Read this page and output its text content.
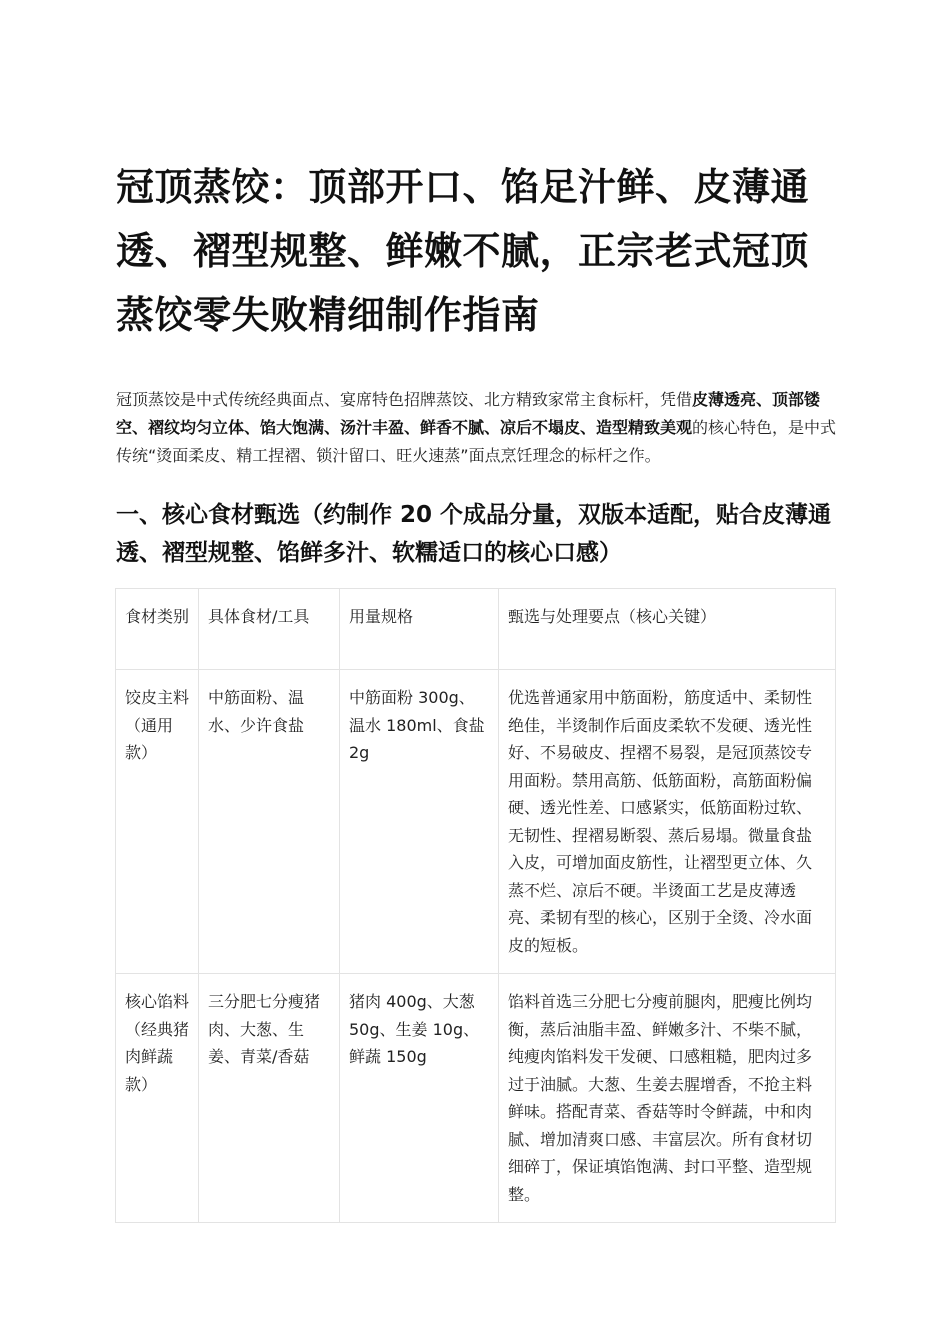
冠顶蒸饺：顶部开口、馅足汁鲜、皮薄通透、褶型规整、鲜嫩不腻，正宗老式冠顶蒸饺零失败精细制作指南

冠顶蒸饺是中式传统经典面点、宴席特色招牌蒸饺、北方精致家常主食标杆，凭借皮薄透亮、顶部镂空、褶纹均匀立体、馅大饱满、汤汁丰盈、鲜香不腻、凉后不塌皮、造型精致美观的核心特色，是中式传统“烫面柔皮、精工捏褶、锁汁留口、旺火速蒸”面点烹饪理念的标杆之作。

一、核心食材甄选（约制作 20 个成品分量，双版本适配，贴合皮薄通透、褶型规整、馅鲜多汁、软糯适口的核心口感）
食材类别	具体食材/工具	用量规格	甄选与处理要点（核心关键）
饺皮主料（通用款）	中筋面粉、温水、少许食盐	中筋面粉 300g、温水 180ml、食盐 2g	优选普通家用中筋面粉，筋度适中、柔韧性绝佳，半烫制作后面皮柔软不发硬、透光性好、不易破皮、捏褶不易裂，是冠顶蒸饺专用面粉。禁用高筋、低筋面粉，高筋面粉偏硬、透光性差、口感紧实，低筋面粉过软、无韧性、捏褶易断裂、蒸后易塌。微量食盐入皮，可增加面皮筋性，让褶型更立体、久蒸不烂、凉后不硬。半烫面工艺是皮薄透亮、柔韧有型的核心，区别于全烫、冷水面皮的短板。
核心馅料（经典猪肉鲜蔬款）	三分肥七分瘦猪肉、大葱、生姜、青菜/香菇	猪肉 400g、大葱 50g、生姜 10g、鲜蔬 150g	馅料首选三分肥七分瘦前腿肉，肥瘦比例均衡，蒸后油脂丰盈、鲜嫩多汁、不柴不腻，纯瘦肉馅料发干发硬、口感粗糙，肥肉过多过于油腻。大葱、生姜去腥增香，不抢主料鲜味。搭配青菜、香菇等时令鲜蔬，中和肉腻、增加清爽口感、丰富层次。所有食材切细碎丁，保证填馅饱满、封口平整、造型规整。
